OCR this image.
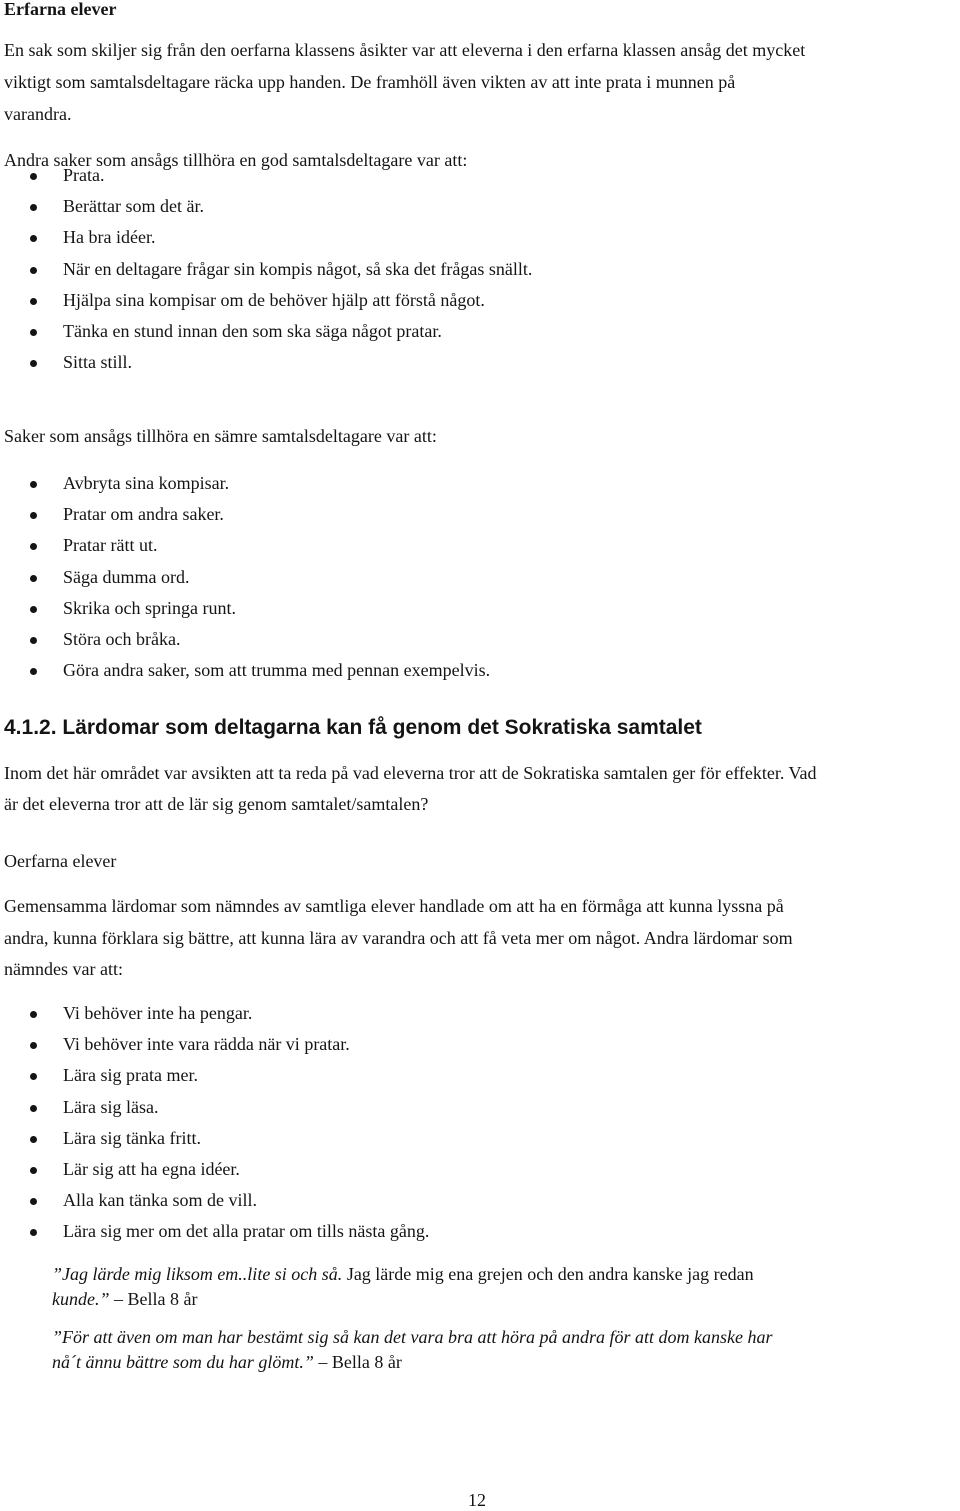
Erfarna elever
En sak som skiljer sig från den oerfarna klassens åsikter var att eleverna i den erfarna klassen ansåg det mycket
viktigt som samtalsdeltagare räcka upp handen. De framhöll även vikten av att inte prata i munnen på
varandra.
Andra saker som ansågs tillhöra en god samtalsdeltagare var att:
Prata.
Berättar som det är.
Ha bra idéer.
När en deltagare frågar sin kompis något, så ska det frågas snällt.
Hjälpa sina kompisar om de behöver hjälp att förstå något.
Tänka en stund innan den som ska säga något pratar.
Sitta still.
Saker som ansågs tillhöra en sämre samtalsdeltagare var att:
Avbryta sina kompisar.
Pratar om andra saker.
Pratar rätt ut.
Säga dumma ord.
Skrika och springa runt.
Störa och bråka.
Göra andra saker, som att trumma med pennan exempelvis.
4.1.2. Lärdomar som deltagarna kan få genom det Sokratiska samtalet
Inom det här området var avsikten att ta reda på vad eleverna tror att de Sokratiska samtalen ger för effekter. Vad
är det eleverna tror att de lär sig genom samtalet/samtalen?
Oerfarna elever
Gemensamma lärdomar som nämndes av samtliga elever handlade om att ha en förmåga att kunna lyssna på
andra, kunna förklara sig bättre, att kunna lära av varandra och att få veta mer om något. Andra lärdomar som
nämndes var att:
Vi behöver inte ha pengar.
Vi behöver inte vara rädda när vi pratar.
Lära sig prata mer.
Lära sig läsa.
Lära sig tänka fritt.
Lär sig att ha egna idéer.
Alla kan tänka som de vill.
Lära sig mer om det alla pratar om tills nästa gång.
”Jag lärde mig liksom em..lite si och så. Jag lärde mig ena grejen och den andra kanske jag redan
kunde.” – Bella 8 år
”För att även om man har bestämt sig så kan det vara bra att höra på andra för att dom kanske har
nå´t ännu bättre som du har glömt.” – Bella 8 år
12
